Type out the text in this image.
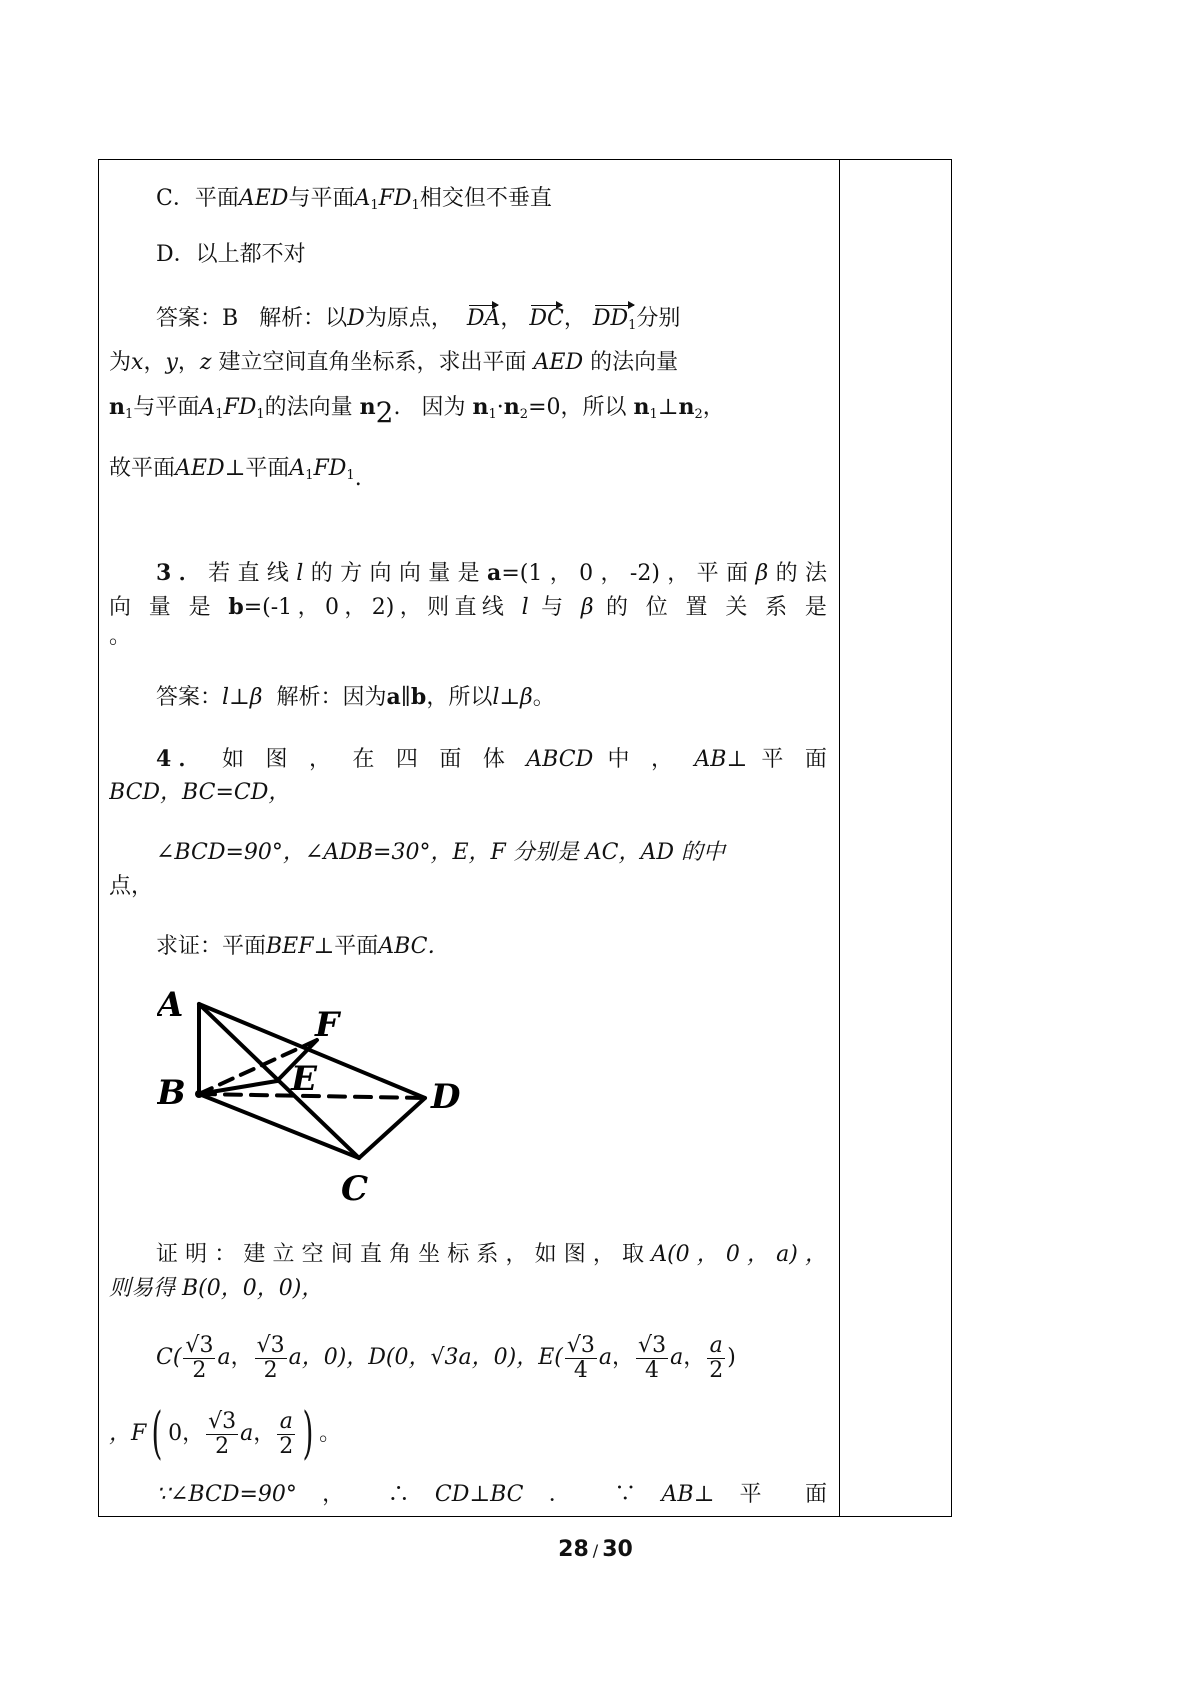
C．平面AED与平面$A_1FD_1$相交但不垂直
D．以上都不对
答案：B 解析：以D为原点， DA， DC， $DD_1$分别
为x，y，z 建立空间直角坐标系，求出平面 AED 的法向量
$n_1$与平面$A_1FD_1$的法向量 n2.   因为 $n_1\cdot n_2=0$，所以 $n_1\perp n_2$，
故平面AED⊥平面$A_1FD_1$.
3．若直线l的方向向量是a=(1，0，-2)，平面β的法
向 量 是 b=(-1，0，2)，则直线 l 与 β 的 位 置 关 系 是
。
答案：l⊥β 解析：因为a∥b，所以l⊥β。
4． 如 图 ， 在 四 面 体 ABCD 中 ， AB⊥ 平 面
BCD，BC=CD，
∠BCD=90°，∠ADB=30°，E，F 分别是 AC，AD 的中
点，
求证：平面BEF⊥平面ABC．
A
B
C
D
E
F
证明：建立空间直角坐标系，如图，取A(0，0，a)，
则易得 B(0，0，0)，
$C( \frac{√3}{2}$ a， $\frac{√3}{2}$ a，0)，D(0，√3a，0)，$E( \frac{√3}{4}$ a， $\frac{√3}{4}$ a， $\frac{a}{2}$ )
，F( 0， $\frac{√3}{2}$ a， $\frac{a}{2}$ ) 。
∵∠BCD=90° ， ∴ CD⊥BC ． ∵ AB⊥ 平 面
28 / 30
